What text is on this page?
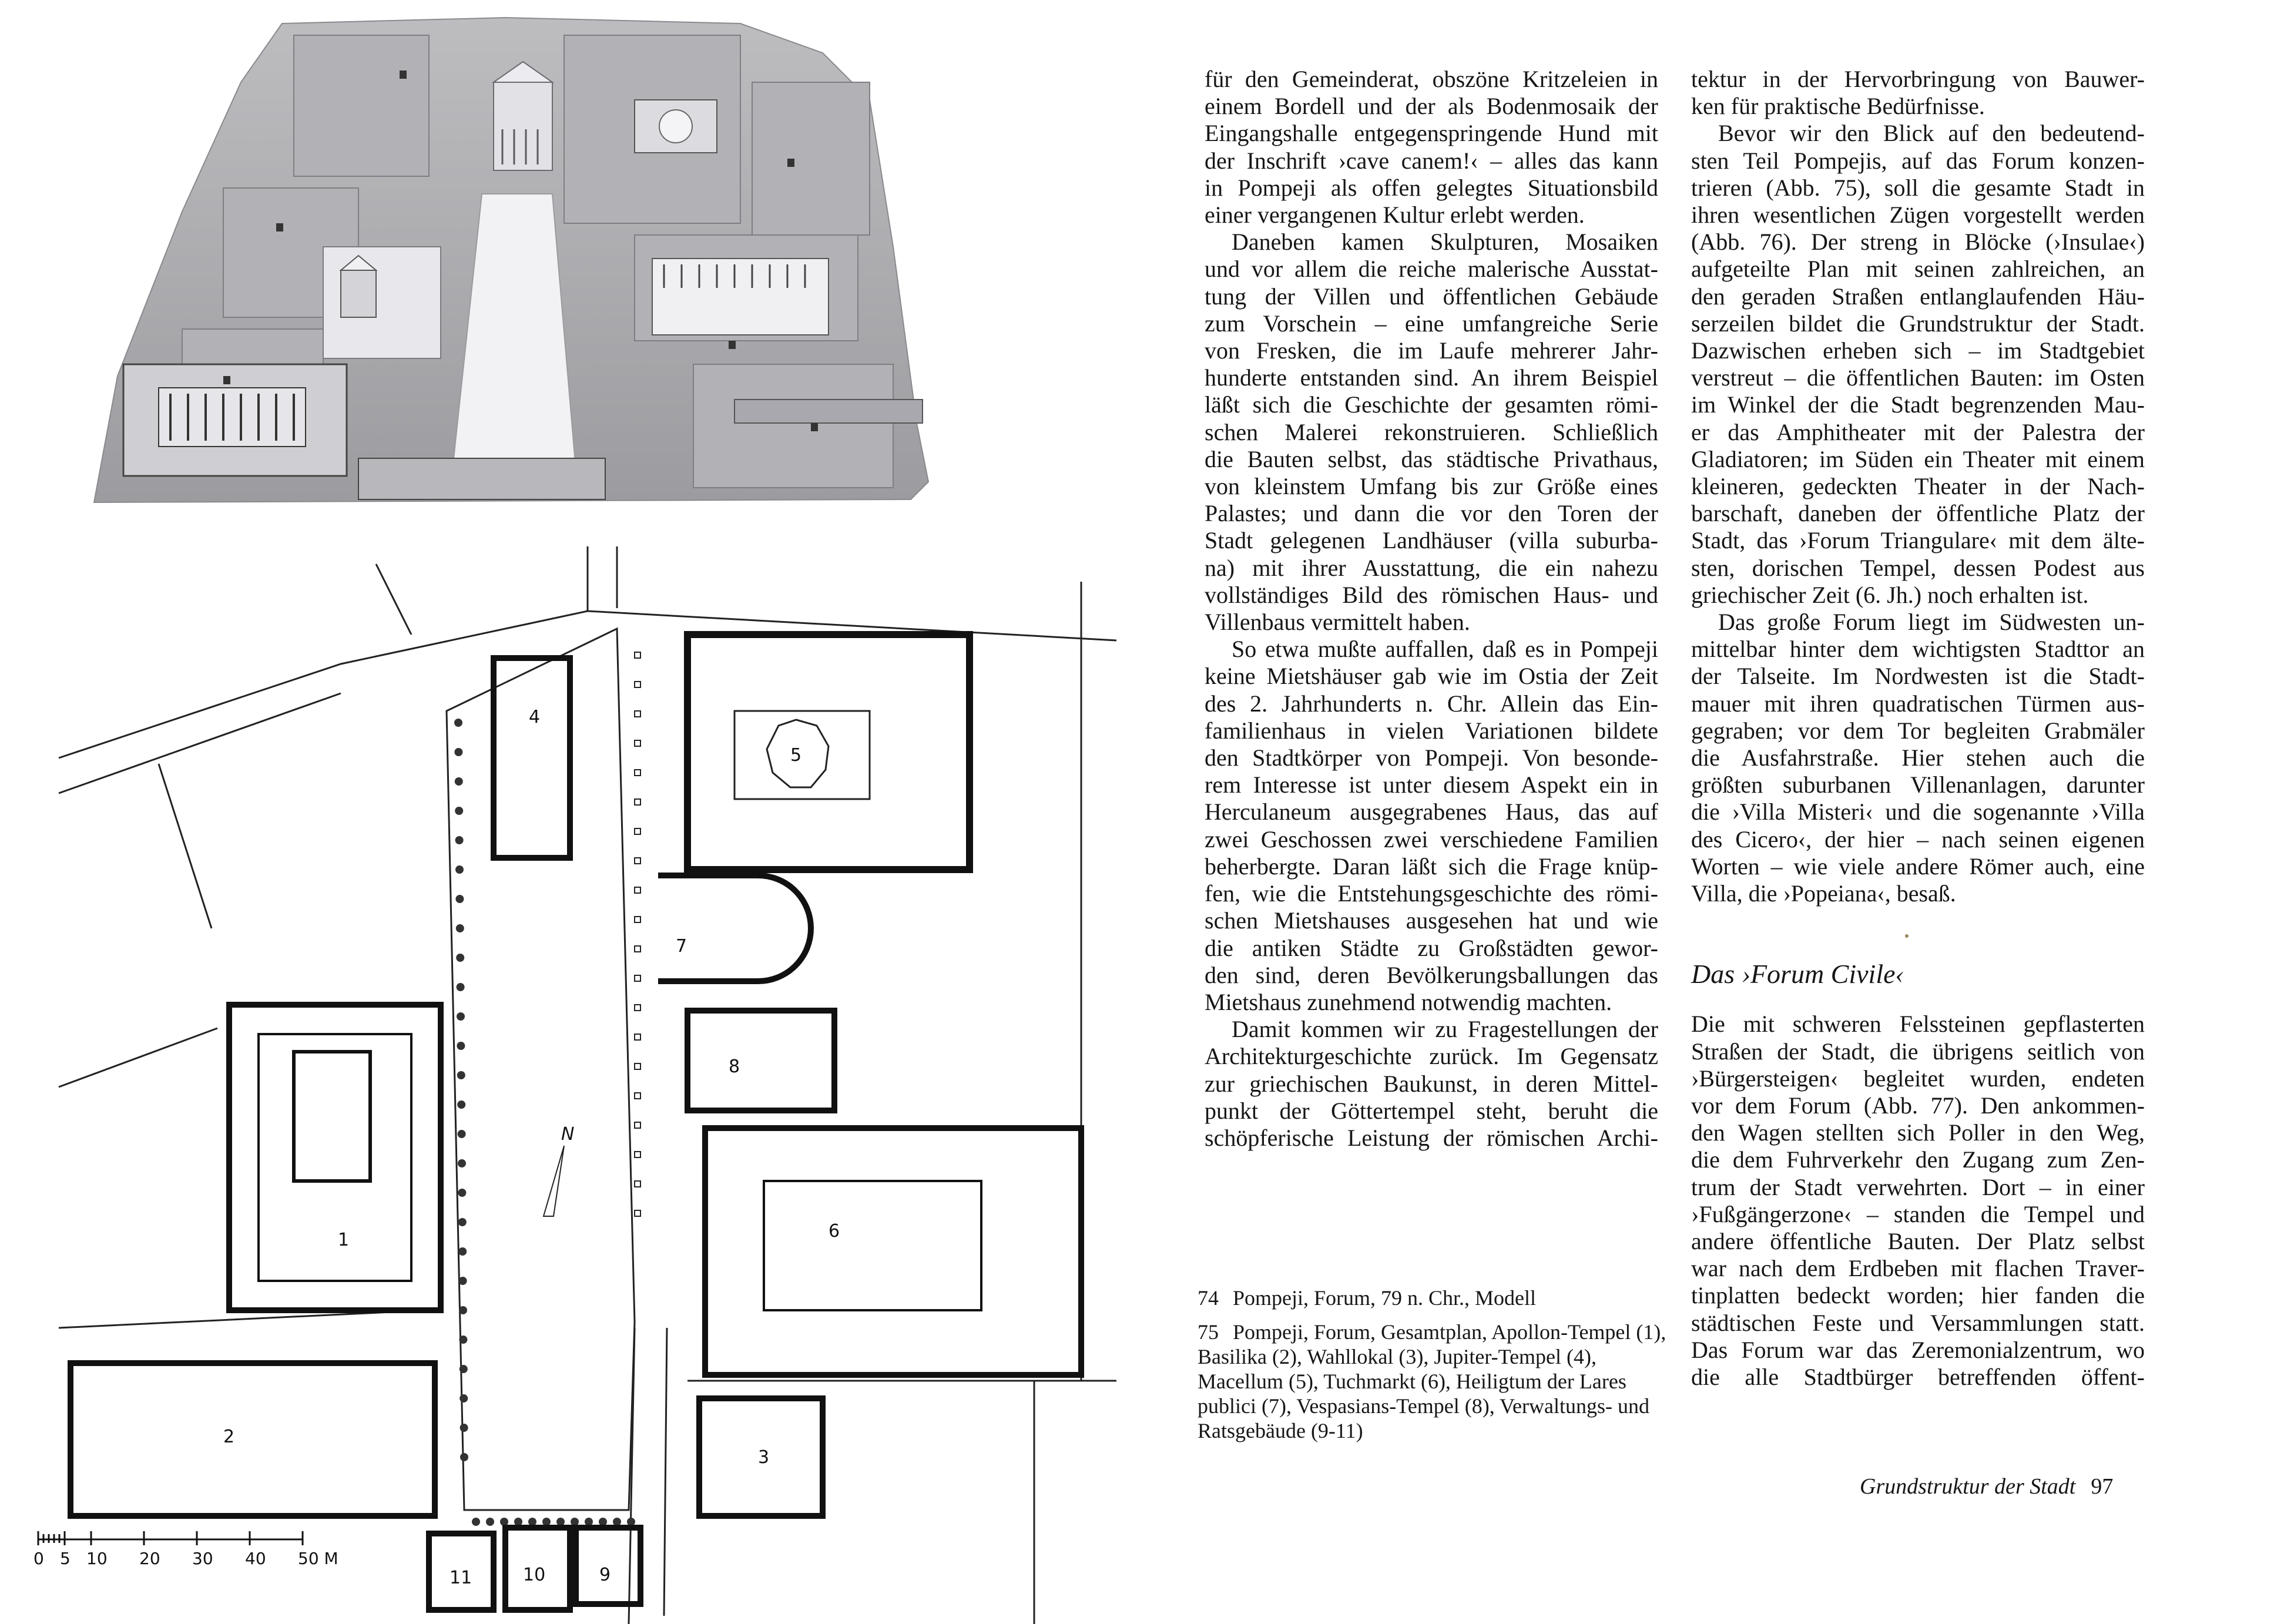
1
2
3
4
5
6
7
8
9
10
11
N
0 5 10 20 30 40 50 M
für den Gemeinderat, obszöne Kritzeleien in
einem Bordell und der als Bodenmosaik der
Eingangshalle entgegenspringende Hund mit
der Inschrift ›cave canem!‹ – alles das kann
in Pompeji als offen gelegtes Situationsbild
einer vergangenen Kultur erlebt werden.
Daneben kamen Skulpturen, Mosaiken
und vor allem die reiche malerische Ausstat-
tung der Villen und öffentlichen Gebäude
zum Vorschein – eine umfangreiche Serie
von Fresken, die im Laufe mehrerer Jahr-
hunderte entstanden sind. An ihrem Beispiel
läßt sich die Geschichte der gesamten römi-
schen Malerei rekonstruieren. Schließlich
die Bauten selbst, das städtische Privathaus,
von kleinstem Umfang bis zur Größe eines
Palastes; und dann die vor den Toren der
Stadt gelegenen Landhäuser (villa suburba-
na) mit ihrer Ausstattung, die ein nahezu
vollständiges Bild des römischen Haus- und
Villenbaus vermittelt haben.
So etwa mußte auffallen, daß es in Pompeji
keine Mietshäuser gab wie im Ostia der Zeit
des 2. Jahrhunderts n. Chr. Allein das Ein-
familienhaus in vielen Variationen bildete
den Stadtkörper von Pompeji. Von besonde-
rem Interesse ist unter diesem Aspekt ein in
Herculaneum ausgegrabenes Haus, das auf
zwei Geschossen zwei verschiedene Familien
beherbergte. Daran läßt sich die Frage knüp-
fen, wie die Entstehungsgeschichte des römi-
schen Mietshauses ausgesehen hat und wie
die antiken Städte zu Großstädten gewor-
den sind, deren Bevölkerungsballungen das
Mietshaus zunehmend notwendig machten.
Damit kommen wir zu Fragestellungen der
Architekturgeschichte zurück. Im Gegensatz
zur griechischen Baukunst, in deren Mittel-
punkt der Göttertempel steht, beruht die
schöpferische Leistung der römischen Archi-
tektur in der Hervorbringung von Bauwer-
ken für praktische Bedürfnisse.
Bevor wir den Blick auf den bedeutend-
sten Teil Pompejis, auf das Forum konzen-
trieren (Abb. 75), soll die gesamte Stadt in
ihren wesentlichen Zügen vorgestellt werden
(Abb. 76). Der streng in Blöcke (›Insulae‹)
aufgeteilte Plan mit seinen zahlreichen, an
den geraden Straßen entlanglaufenden Häu-
serzeilen bildet die Grundstruktur der Stadt.
Dazwischen erheben sich – im Stadtgebiet
verstreut – die öffentlichen Bauten: im Osten
im Winkel der die Stadt begrenzenden Mau-
er das Amphitheater mit der Palestra der
Gladiatoren; im Süden ein Theater mit einem
kleineren, gedeckten Theater in der Nach-
barschaft, daneben der öffentliche Platz der
Stadt, das ›Forum Triangulare‹ mit dem älte-
sten, dorischen Tempel, dessen Podest aus
griechischer Zeit (6. Jh.) noch erhalten ist.
Das große Forum liegt im Südwesten un-
mittelbar hinter dem wichtigsten Stadttor an
der Talseite. Im Nordwesten ist die Stadt-
mauer mit ihren quadratischen Türmen aus-
gegraben; vor dem Tor begleiten Grabmäler
die Ausfahrstraße. Hier stehen auch die
größten suburbanen Villenanlagen, darunter
die ›Villa Misteri‹ und die sogenannte ›Villa
des Cicero‹, der hier – nach seinen eigenen
Worten – wie viele andere Römer auch, eine
Villa, die ›Popeiana‹, besaß.
Das ›Forum Civile‹
Die mit schweren Felssteinen gepflasterten
Straßen der Stadt, die übrigens seitlich von
›Bürgersteigen‹ begleitet wurden, endeten
vor dem Forum (Abb. 77). Den ankommen-
den Wagen stellten sich Poller in den Weg,
die dem Fuhrverkehr den Zugang zum Zen-
trum der Stadt verwehrten. Dort – in einer
›Fußgängerzone‹ – standen die Tempel und
andere öffentliche Bauten. Der Platz selbst
war nach dem Erdbeben mit flachen Traver-
tinplatten bedeckt worden; hier fanden die
städtischen Feste und Versammlungen statt.
Das Forum war das Zeremonialzentrum, wo
die alle Stadtbürger betreffenden öffent-

74 Pompeji, Forum, 79 n. Chr., Modell

75 Pompeji, Forum, Gesamtplan, Apollon-Tempel (1), Basilika (2), Wahllokal (3), Jupiter-Tempel (4), Macellum (5), Tuchmarkt (6), Heiligtum der Lares publici (7), Vespasians-Tempel (8), Verwaltungs- und Ratsgebäude (9-11)

Grundstruktur der Stadt 97
